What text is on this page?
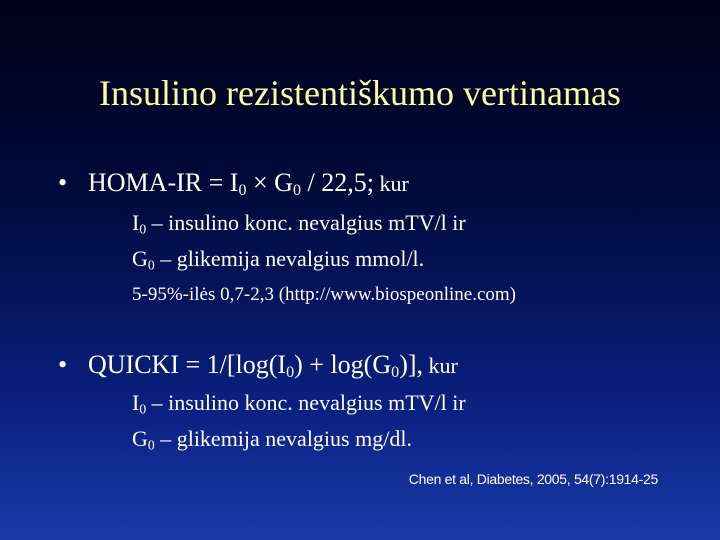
Insulino rezistentiškumo vertinamas
• HOMA-IR = $I_0 \times G_0 / 22,5$; kur
$I_0$ – insulino konc. nevalgius mTV/l ir
$G_0$ – glikemija nevalgius mmol/l.
5-95%-ilės 0,7-2,3 (http://www.biospeonline.com)
• QUICKI = $1/[\log(I_0) + \log(G_0)]$, kur
$I_0$ – insulino konc. nevalgius mTV/l ir
$G_0$ – glikemija nevalgius mg/dl.
Chen et al, Diabetes, 2005, 54(7):1914-25
